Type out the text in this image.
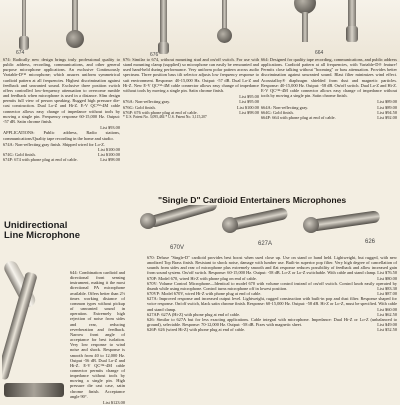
674	676	664

674: Radically new design brings truly professional quality to public address, recording, communications, and other general purpose microphone applications. An exclusive Continuously Variable-D™ microphone; which assures uniform symmetrical cardioid pattern at all frequencies. Highest discrimination against feedback and unwanted sound. Exclusive three position switch offers controlled low-frequency attenuation to overcome rumble and feedback when microphone is used in a distance. Slim design permits full view of person speaking. Rugged high pressure die-cast construction. Dual Lo-Z and Hi-Z. E-V QC™-4M cable connector allows easy change of impedance without tools by moving a single pin. Frequency response 60-15,000 Hz. Output: -57 dB. Satin chrome finish.

List $93.00

APPLICATIONS: Public address, Radio stations, communications/Quality tape recording in the home and studio.

674A: Non-reflecting gray finish. Shipped wired for Lo-Z.
List $100.00
674G: Gold finish.	List $100.00
674P: 674 with phone plug at end of cable.	List $98.00
Unidirectional
Line Microphone

644: Combination cardioid and directional front sensing instrument, making it the most directional PA microphone available. Offers better than 2½ times working distance of common types without pickup of unwanted sound in operation. Extremely high rejection of noise from sides and rear, reducing reverberation and feedback. Narrow front angle of acceptance for best isolation. Very low response to wind noise and shock. Response is smooth from 40 to 12,000 Hz. Output -56 dB. Dual Lo-Z and Hi-Z. E-V QC™-4M cable connector permits change of impedance without tools by moving a single pin. High pressure die cast case, satin chrome finish. Acceptance angle 90°.

List $123.00

676: Similar to 674, without mounting stud and on/off switch. For use with stand mounting clamp (supplied) so microphone can easily be remounted and used hand-held during performance. Very uniform polar pattern across audio spectrum. Three position bass tilt selector adjusts low frequency response to suit environment. Response: 40-15,000 Hz. Output: -57 dB. Dual Lo-Z and Hi-Z. New E-V QC™-4M cable connector allows easy change of impedance without tools by moving a single pin. Satin chrome finish.

List $95.00
676A: Non-reflecting gray.	List $95.00
676G: Gold finish.	List $100.00
676P: 676 with phone plug at end of cable.	List $98.00

* U.S. Patent No. 3,095,484 * U.S. Patent No. 3,115,207

664: Designed for quality tape recording, communications, and public address applications. Cardioid pattern at all frequencies, with Variable-D® feature! Permits close talking without "booming" or bass attenuation. Provides better discrimination against unwanted sound. Blast filter minimizes wind effect. Acoustalloy® diaphragm shielded from dust and magnetic particles. Response: 40-15,000 Hz. Output: -58 dB. On/off switch. Dual Lo-Z and Hi-Z. E-V QC™-4M cable connector allows easy change of impedance without tools by moving a single pin. Satin chrome finish.

List $89.00
664A: Non-reflecting gray.	List $89.00
664G: Gold finish.	List $94.50
664P: 664 with phone plug at end of cable.	List $92.00
"Single D" Cardioid Entertainers Microphones
670V
627A	626
670: Deluxe "Single-D" cardioid provides best boost when used close up. Use on stand or hand held. Lightweight, but rugged, with new anodized Top Brass finish. Resistant to shock noise, damage with lumber use. Built-in superior pop filter. Very high degree of cancellation of sounds from sides and rear of microphone plus extremely smooth and flat response reduces possibility of feedback and allow increased gain from sound system. On/off switch. Response: 60-15,000 Hz. Output: -58 dB. Lo-Z or Lo-Z switchable. With cable and stand clamp. List $76.50
670P: Model 670, wired Hi-Z with phone plug on end of cable.	List $80.00
670V: Volume Control Microphone—Identical to model 670 with volume control instead of on/off switch. Control knob easily operated by thumb while using microphone. Control turns microphone off in lowest position.	List $83.30
670VP: Model 670V, wired Hi-Z with phone plug at end of cable.	List $87.00
627A: Improved response and increased output level. Lightweight, rugged construction with built-in pop and dust filter. Response shaped for voice response. On/off switch, black satin chrome finish. Response: 60-15,000 Hz. Output: -58 dB. Hi-Z or Lo-Z, must be specified. With cable and stand clamp.	List $60.00
627AP: 627A (Hi-Z) with phone plug at end of cable.	List $62.50
626: Similar to 627A but for less exacting applications. Cable integral with microphone. Impedance: Dual Hi-Z or Lo-Z (unbalanced to ground), selectable. Response: 70-12,000 Hz. Output: -58 dB. Fixes with magnetic sheet.	List $49.00
626P: 626 (wired Hi-Z) with phone plug at end of cable.	List $52.50
